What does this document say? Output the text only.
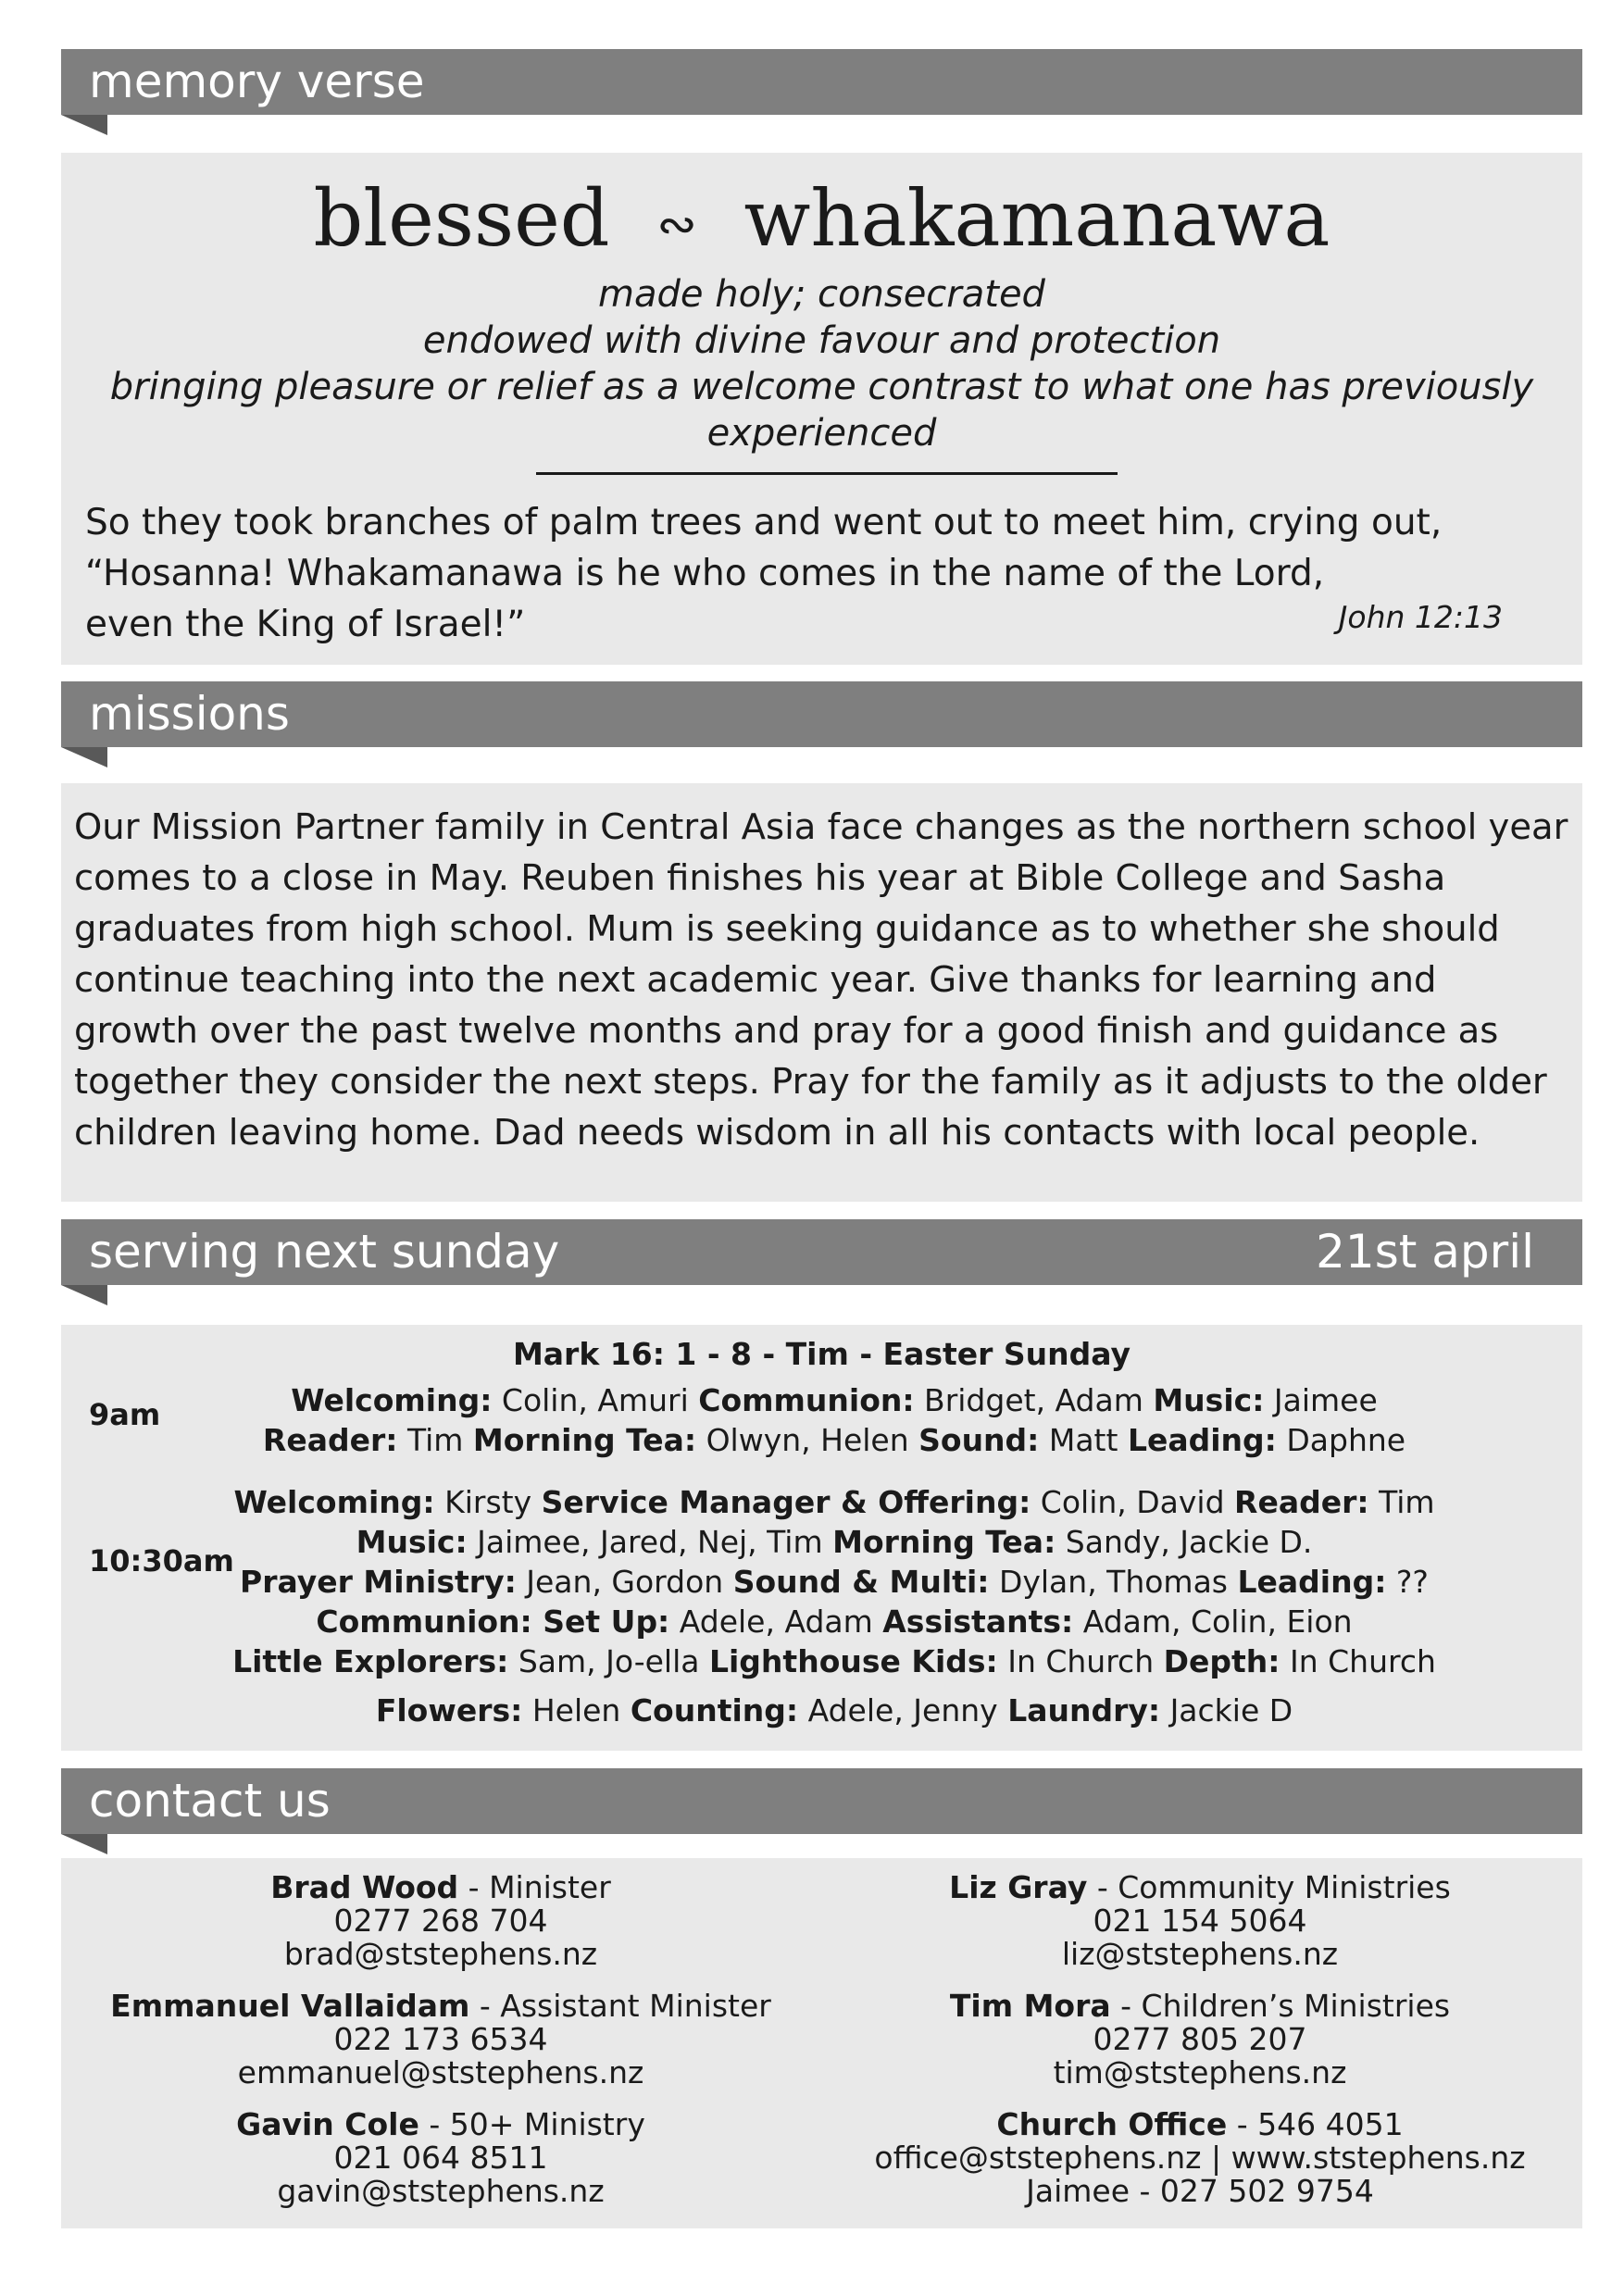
memory verse
blessed ∾ whakamanawa
made holy; consecrated
endowed with divine favour and protection
bringing pleasure or relief as a welcome contrast to what one has previously
experienced
So they took branches of palm trees and went out to meet him, crying out,
“Hosanna! Whakamanawa is he who comes in the name of the Lord,
even the King of Israel!”	John 12:13
missions
Our Mission Partner family in Central Asia face changes as the northern school year
comes to a close in May. Reuben finishes his year at Bible College and Sasha
graduates from high school. Mum is seeking guidance as to whether she should
continue teaching into the next academic year. Give thanks for learning and
growth over the past twelve months and pray for a good finish and guidance as
together they consider the next steps. Pray for the family as it adjusts to the older
children leaving home. Dad needs wisdom in all his contacts with local people.
serving next sunday	21st april
Mark 16: 1 - 8 - Tim - Easter Sunday
9am	Welcoming: Colin, Amuri Communion: Bridget, Adam Music: Jaimee
Reader: Tim Morning Tea: Olwyn, Helen Sound: Matt Leading: Daphne
10:30am
Welcoming: Kirsty Service Manager & Offering: Colin, David Reader: Tim
Music: Jaimee, Jared, Nej, Tim Morning Tea: Sandy, Jackie D.
Prayer Ministry: Jean, Gordon Sound & Multi: Dylan, Thomas Leading: ??
Communion: Set Up: Adele, Adam Assistants: Adam, Colin, Eion
Little Explorers: Sam, Jo-ella Lighthouse Kids: In Church Depth: In Church
Flowers: Helen Counting: Adele, Jenny Laundry: Jackie D
contact us
Brad Wood - Minister
0277 268 704
brad@ststephens.nz
Emmanuel Vallaidam - Assistant Minister
022 173 6534
emmanuel@ststephens.nz
Gavin Cole - 50+ Ministry
021 064 8511
gavin@ststephens.nz
Liz Gray - Community Ministries
021 154 5064
liz@ststephens.nz
Tim Mora - Children’s Ministries
0277 805 207
tim@ststephens.nz
Church Office - 546 4051
office@ststephens.nz | www.ststephens.nz
Jaimee - 027 502 9754
